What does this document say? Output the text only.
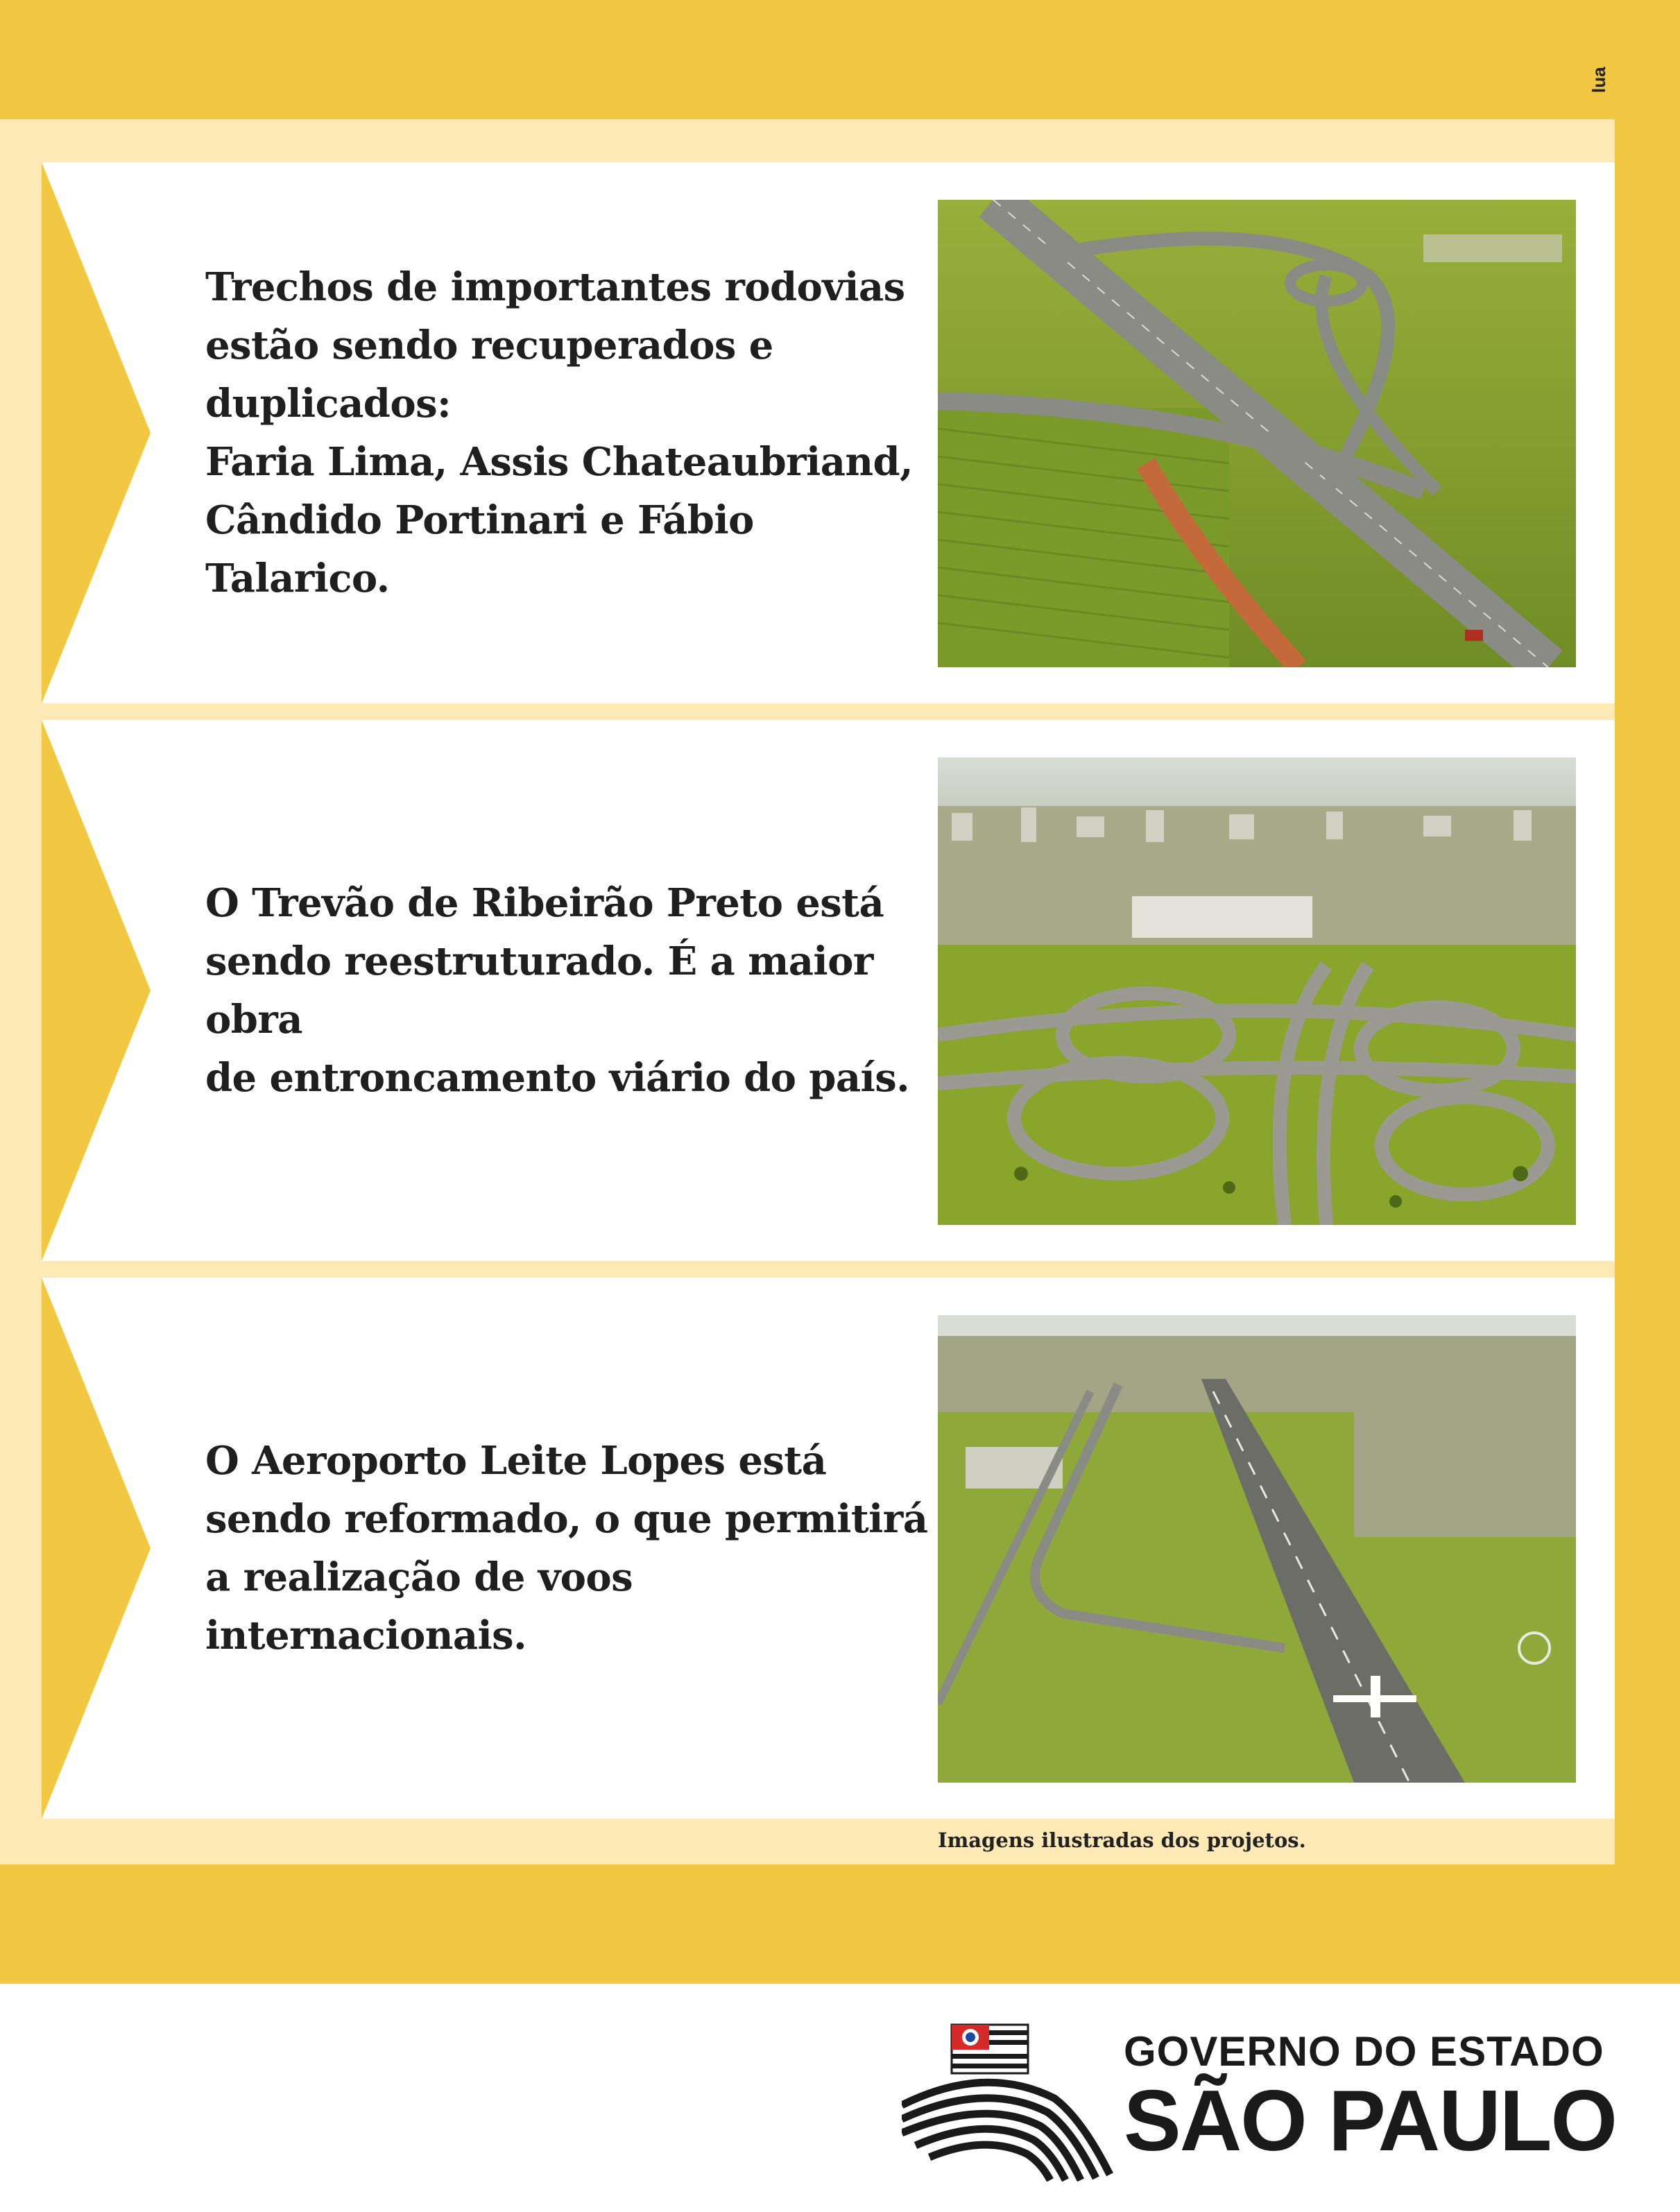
lua
Trechos de importantes rodovias
estão sendo recuperados e duplicados:
Faria Lima, Assis Chateaubriand,
Cândido Portinari e Fábio Talarico.
O Trevão de Ribeirão Preto está
sendo reestruturado. É a maior obra
de entroncamento viário do país.
O Aeroporto Leite Lopes está
sendo reformado, o que permitirá
a realização de voos internacionais.
Imagens ilustradas dos projetos.
GOVERNO DO ESTADO
SÃO PAULO
